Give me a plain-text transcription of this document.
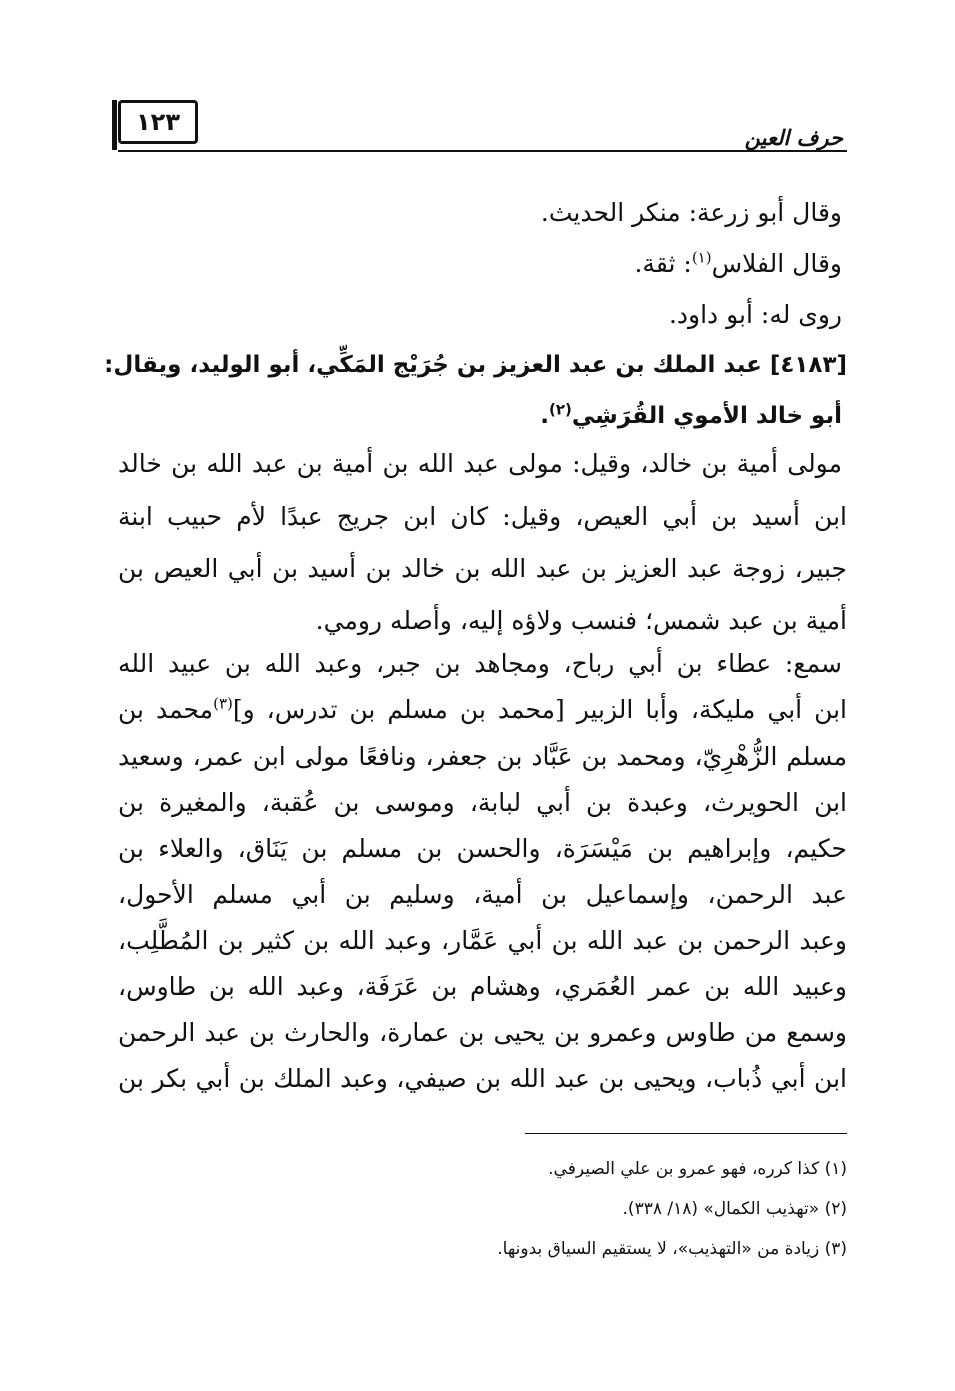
١٢٣
حرف العين
وقال أبو زرعة: منكر الحديث.
وقال الفلاس$^{(١)}$: ثقة.
روى له: أبو داود.
[٤١٨٣] عبد الملك بن عبد العزيز بن جُرَيْج المَكِّي، أبو الوليد، ويقال:
أبو خالد الأموي القُرَشِي$^{(٢)}$.
مولى أمية بن خالد، وقيل: مولى عبد الله بن أمية بن عبد الله بن خالد
ابن أسيد بن أبي العيص، وقيل: كان ابن جريج عبدًا لأم حبيب ابنة
جبير، زوجة عبد العزيز بن عبد الله بن خالد بن أسيد بن أبي العيص بن
أمية بن عبد شمس؛ فنسب ولاؤه إليه، وأصله رومي.
سمع: عطاء بن أبي رباح، ومجاهد بن جبر، وعبد الله بن عبيد الله
ابن أبي مليكة، وأبا الزبير [محمد بن مسلم بن تدرس، و]$^{(٣)}$محمد بن
مسلم الزُّهْرِيّ، ومحمد بن عَبَّاد بن جعفر، ونافعًا مولى ابن عمر، وسعيد
ابن الحويرث، وعبدة بن أبي لبابة، وموسى بن عُقبة، والمغيرة بن
حكيم، وإبراهيم بن مَيْسَرَة، والحسن بن مسلم بن يَنَاق، والعلاء بن
عبد الرحمن، وإسماعيل بن أمية، وسليم بن أبي مسلم الأحول،
وعبد الرحمن بن عبد الله بن أبي عَمَّار، وعبد الله بن كثير بن المُطَّلِب،
وعبيد الله بن عمر العُمَري، وهشام بن عَرَفَة، وعبد الله بن طاوس،
وسمع من طاوس وعمرو بن يحيى بن عمارة، والحارث بن عبد الرحمن
ابن أبي ذُباب، ويحيى بن عبد الله بن صيفي، وعبد الملك بن أبي بكر بن
(١) كذا كرره، فهو عمرو بن علي الصيرفي.
(٢) «تهذيب الكمال» (١٨/ ٣٣٨).
(٣) زيادة من «التهذيب»، لا يستقيم السياق بدونها.
